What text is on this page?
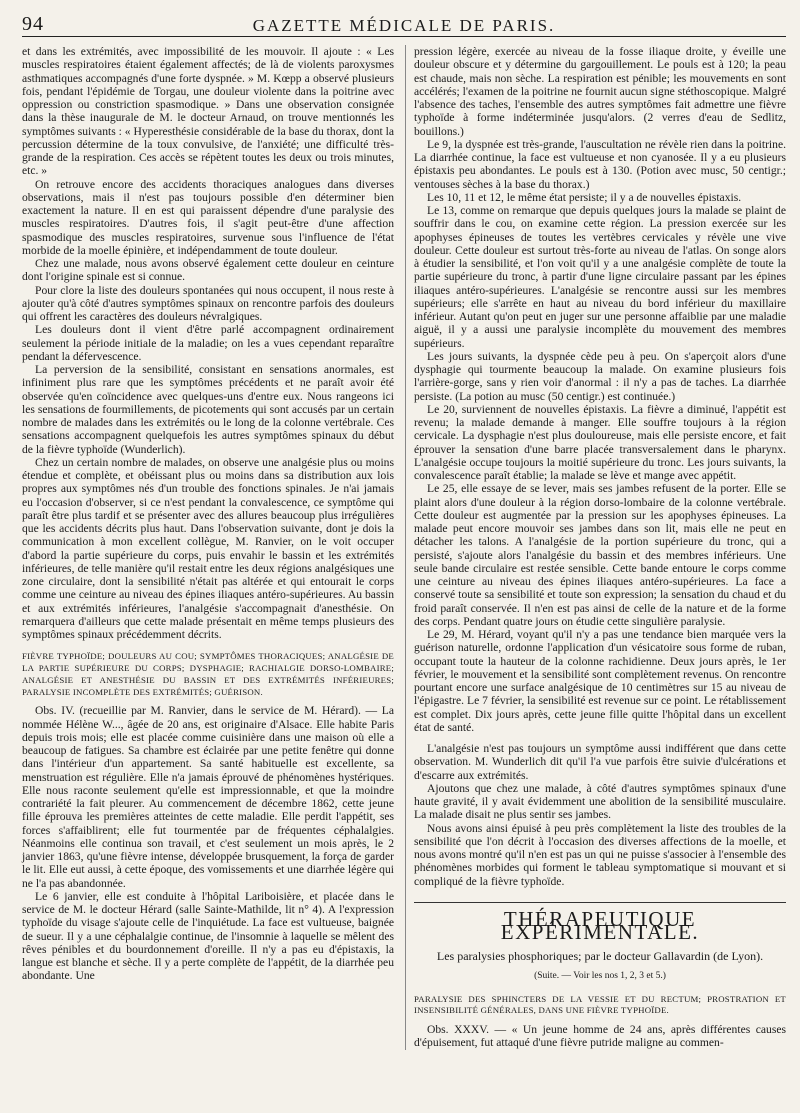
94	GAZETTE MÉDICALE DE PARIS.

et dans les extrémités, avec impossibilité de les mouvoir. Il ajoute : « Les muscles respiratoires étaient également affectés; de là de violents paroxysmes asthmatiques accompagnés d'une forte dyspnée. » M. Kœpp a observé plusieurs fois, pendant l'épidémie de Torgau, une douleur violente dans la poitrine avec oppression ou constriction spasmodique. » Dans une observation consignée dans la thèse inaugurale de M. le docteur Arnaud, on trouve mentionnés les symptômes suivants : « Hyperesthésie considérable de la base du thorax, dont la percussion détermine de la toux convulsive, de l'anxiété; une difficulté très-grande de la respiration. Ces accès se répètent toutes les deux ou trois minutes, etc. »

On retrouve encore des accidents thoraciques analogues dans diverses observations, mais il n'est pas toujours possible d'en déterminer bien exactement la nature. Il en est qui paraissent dépendre d'une paralysie des muscles respiratoires. D'autres fois, il s'agit peut-être d'une affection spasmodique des muscles respiratoires, survenue sous l'influence de l'état morbide de la moelle épinière, et indépendamment de toute douleur.

Chez une malade, nous avons observé également cette douleur en ceinture dont l'origine spinale est si connue.

Pour clore la liste des douleurs spontanées qui nous occupent, il nous reste à ajouter qu'à côté d'autres symptômes spinaux on rencontre parfois des douleurs qui offrent les caractères des douleurs névralgiques.

Les douleurs dont il vient d'être parlé accompagnent ordinairement seulement la période initiale de la maladie; on les a vues cependant reparaître pendant la défervescence.

La perversion de la sensibilité, consistant en sensations anormales, est infiniment plus rare que les symptômes précédents et ne paraît avoir été observée qu'en coïncidence avec quelques-uns d'entre eux. Nous rangeons ici les sensations de fourmillements, de picotements qui sont accusés par un certain nombre de malades dans les extrémités ou le long de la colonne vertébrale. Ces sensations accompagnent quelquefois les autres symptômes spinaux du début de la fièvre typhoïde (Wunderlich).

Chez un certain nombre de malades, on observe une analgésie plus ou moins étendue et complète, et obéissant plus ou moins dans sa distribution aux lois propres aux symptômes nés d'un trouble des fonctions spinales. Je n'ai jamais eu l'occasion d'observer, si ce n'est pendant la convalescence, ce symptôme qui paraît être plus tardif et se présenter avec des allures beaucoup plus irrégulières que les accidents décrits plus haut. Dans l'observation suivante, dont je dois la communication à mon excellent collègue, M. Ranvier, on le voit occuper d'abord la partie supérieure du corps, puis envahir le bassin et les extrémités inférieures, de telle manière qu'il restait entre les deux régions analgésiques une zone circulaire, dont la sensibilité n'était pas altérée et qui entourait le corps comme une ceinture au niveau des épines iliaques antéro-supérieures. Au bassin et aux extrémités inférieures, l'analgésie s'accompagnait d'anesthésie. On remarquera d'ailleurs que cette malade présentait en même temps plusieurs des symptômes spinaux précédemment décrits.

FIÈVRE TYPHOÏDE; DOULEURS AU COU; SYMPTÔMES THORACIQUES; ANALGÉSIE DE LA PARTIE SUPÉRIEURE DU CORPS; DYSPHAGIE; RACHIALGIE DORSO-LOMBAIRE; ANALGÉSIE ET ANESTHÉSIE DU BASSIN ET DES EXTRÉMITÉS INFÉRIEURES; PARALYSIE INCOMPLÈTE DES EXTRÉMITÉS; GUÉRISON.

Obs. IV. (recueillie par M. Ranvier, dans le service de M. Hérard). — La nommée Hélène W..., âgée de 20 ans, est originaire d'Alsace. Elle habite Paris depuis trois mois; elle est placée comme cuisinière dans une maison où elle a beaucoup de fatigues. Sa chambre est éclairée par une petite fenêtre qui donne dans l'intérieur d'un appartement. Sa santé habituelle est excellente, sa menstruation est régulière. Elle n'a jamais éprouvé de phénomènes hystériques. Elle nous raconte seulement qu'elle est impressionnable, et que la moindre contrariété la fait pleurer. Au commencement de décembre 1862, cette jeune fille éprouva les premières atteintes de cette maladie. Elle perdit l'appétit, ses forces s'affaiblirent; elle fut tourmentée par de fréquentes céphalalgies. Néanmoins elle continua son travail, et c'est seulement un mois après, le 2 janvier 1863, qu'une fièvre intense, développée brusquement, la força de garder le lit. Elle eut aussi, à cette époque, des vomissements et une diarrhée légère qui ne l'a pas abandonnée.

Le 6 janvier, elle est conduite à l'hôpital Lariboisière, et placée dans le service de M. le docteur Hérard (salle Sainte-Mathilde, lit n° 4). A l'expression typhoïde du visage s'ajoute celle de l'inquiétude. La face est vultueuse, baignée de sueur. Il y a une céphalalgie continue, de l'insomnie à laquelle se mêlent des rêves pénibles et du bourdonnement d'oreille. Il n'y a pas eu d'épistaxis, la langue est blanche et sèche. Il y a perte complète de l'appétit, de la diarrhée peu abondante. Une

pression légère, exercée au niveau de la fosse iliaque droite, y éveille une douleur obscure et y détermine du gargouillement. Le pouls est à 120; la peau est chaude, mais non sèche. La respiration est pénible; les mouvements en sont accélérés; l'examen de la poitrine ne fournit aucun signe stéthoscopique. Malgré l'absence des taches, l'ensemble des autres symptômes fait admettre une fièvre typhoïde à forme indéterminée jusqu'alors. (2 verres d'eau de Sedlitz, bouillons.)

Le 9, la dyspnée est très-grande, l'auscultation ne révèle rien dans la poitrine. La diarrhée continue, la face est vultueuse et non cyanosée. Il y a eu plusieurs épistaxis peu abondantes. Le pouls est à 130. (Potion avec musc, 50 centigr.; ventouses sèches à la base du thorax.)

Les 10, 11 et 12, le même état persiste; il y a de nouvelles épistaxis.

Le 13, comme on remarque que depuis quelques jours la malade se plaint de souffrir dans le cou, on examine cette région. La pression exercée sur les apophyses épineuses de toutes les vertèbres cervicales y révèle une vive douleur. Cette douleur est surtout très-forte au niveau de l'atlas. On songe alors à étudier la sensibilité, et l'on voit qu'il y a une analgésie complète de toute la partie supérieure du tronc, à partir d'une ligne circulaire passant par les épines iliaques antéro-supérieures. L'analgésie se rencontre aussi sur les membres supérieurs; elle s'arrête en haut au niveau du bord inférieur du maxillaire inférieur. Autant qu'on peut en juger sur une personne affaiblie par une maladie aiguë, il y a aussi une paralysie incomplète du mouvement des membres supérieurs.

Les jours suivants, la dyspnée cède peu à peu. On s'aperçoit alors d'une dysphagie qui tourmente beaucoup la malade. On examine plusieurs fois l'arrière-gorge, sans y rien voir d'anormal : il n'y a pas de taches. La diarrhée persiste. (La potion au musc (50 centigr.) est continuée.)

Le 20, surviennent de nouvelles épistaxis. La fièvre a diminué, l'appétit est revenu; la malade demande à manger. Elle souffre toujours à la région cervicale. La dysphagie n'est plus douloureuse, mais elle persiste encore, et fait éprouver la sensation d'une barre placée transversalement dans le pharynx. L'analgésie occupe toujours la moitié supérieure du tronc. Les jours suivants, la convalescence paraît établie; la malade se lève et mange avec appétit.

Le 25, elle essaye de se lever, mais ses jambes refusent de la porter. Elle se plaint alors d'une douleur à la région dorso-lombaire de la colonne vertébrale. Cette douleur est augmentée par la pression sur les apophyses épineuses. La malade peut encore mouvoir ses jambes dans son lit, mais elle ne peut en détacher les talons. A l'analgésie de la portion supérieure du tronc, qui a persisté, s'ajoute alors l'analgésie du bassin et des membres inférieurs. Une seule bande circulaire est restée sensible. Cette bande entoure le corps comme une ceinture au niveau des épines iliaques antéro-supérieures. La face a conservé toute sa sensibilité et toute son expression; la sensation du chaud et du froid paraît conservée. Il n'en est pas ainsi de celle de la nature et de la forme des corps. Pendant quatre jours on étudie cette singulière paralysie.

Le 29, M. Hérard, voyant qu'il n'y a pas une tendance bien marquée vers la guérison naturelle, ordonne l'application d'un vésicatoire sous forme de ruban, occupant toute la hauteur de la colonne rachidienne. Deux jours après, le 1er février, le mouvement et la sensibilité sont complètement revenus. On rencontre pourtant encore une surface analgésique de 10 centimètres sur 15 au niveau de l'épigastre. Le 7 février, la sensibilité est revenue sur ce point. Le rétablissement est complet. Dix jours après, cette jeune fille quitte l'hôpital dans un excellent état de santé.

L'analgésie n'est pas toujours un symptôme aussi indifférent que dans cette observation. M. Wunderlich dit qu'il l'a vue parfois être suivie d'ulcérations et d'escarre aux extrémités.

Ajoutons que chez une malade, à côté d'autres symptômes spinaux d'une haute gravité, il y avait évidemment une abolition de la sensibilité musculaire. La malade disait ne plus sentir ses jambes.

Nous avons ainsi épuisé à peu près complètement la liste des troubles de la sensibilité que l'on décrit à l'occasion des diverses affections de la moelle, et nous avons montré qu'il n'en est pas un qui ne puisse s'associer à l'ensemble des phénomènes morbides qui forment le tableau symptomatique si mouvant et si compliqué de la fièvre typhoïde.

THÉRAPEUTIQUE EXPÉRIMENTALE.
Les paralysies phosphoriques; par le docteur Gallavardin (de Lyon).
(Suite. — Voir les nos 1, 2, 3 et 5.)

PARALYSIE DES SPHINCTERS DE LA VESSIE ET DU RECTUM; PROSTRATION ET INSENSIBILITÉ GÉNÉRALES, DANS UNE FIÈVRE TYPHOÏDE.

Obs. XXXV. — « Un jeune homme de 24 ans, après différentes causes d'épuisement, fut attaqué d'une fièvre putride maligne au commen-
